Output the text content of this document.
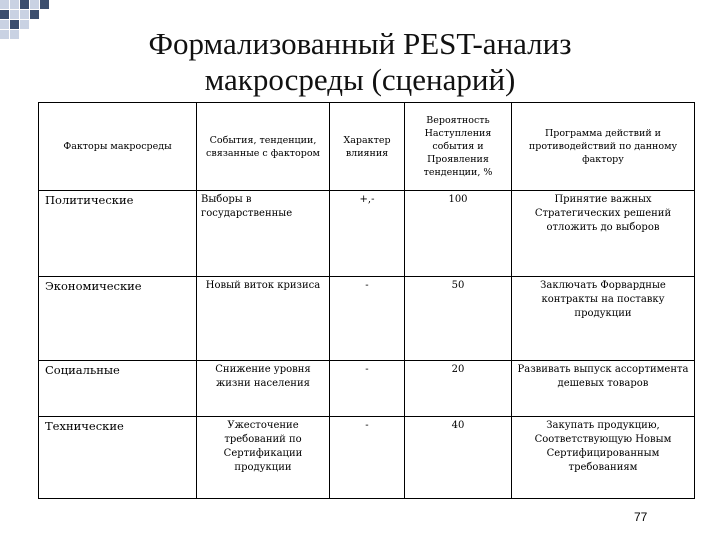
Формализованный PEST-анализ
макросреды (сценарий)
Факторы макросреды	События, тенденции, связанные с фактором	Характер влияния	Вероятность Наступления события и Проявления тенденции, %	Программа действий и противодействий по данному фактору
Политические	Выборы в государственные	+,-	100	Принятие важных Стратегических решений отложить до выборов
Экономические	Новый виток кризиса	-	50	Заключать Форвардные контракты на поставку продукции
Социальные	Снижение уровня жизни населения	-	20	Развивать выпуск ассортимента дешевых товаров
Технические	Ужесточение требований по Сертификации продукции	-	40	Закупать продукцию, Соответствующую Новым Сертифицированным требованиям
77
